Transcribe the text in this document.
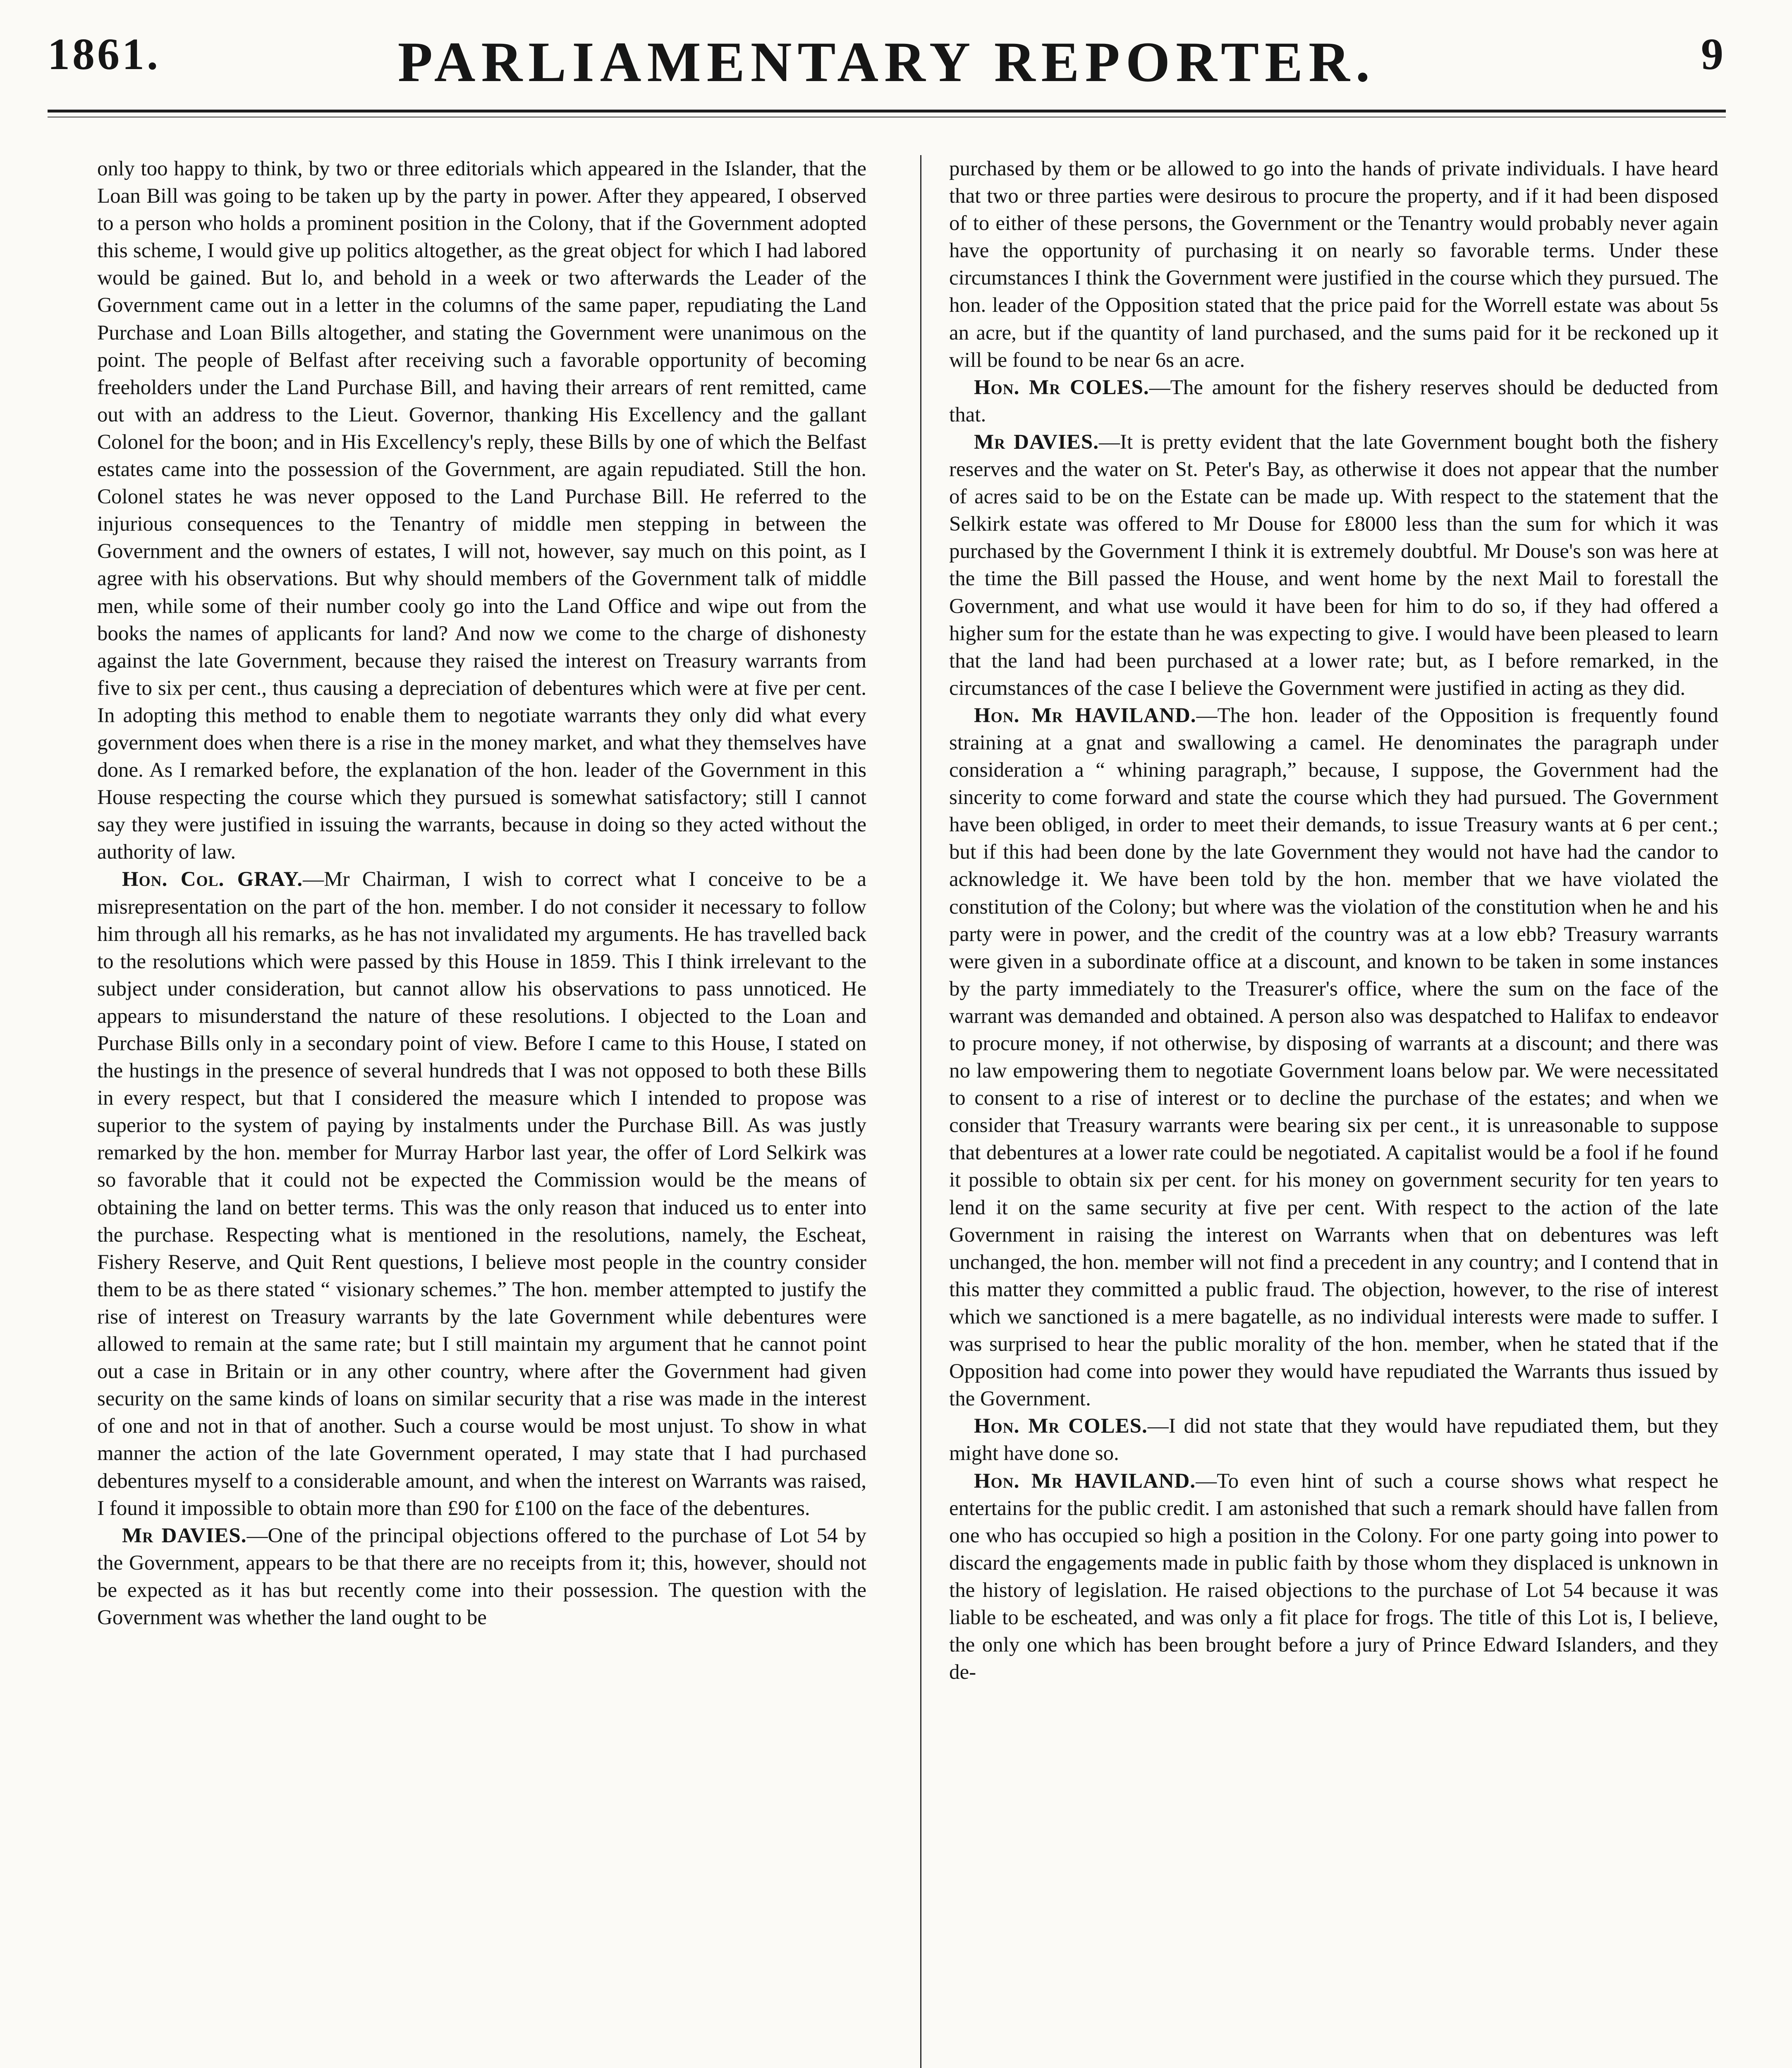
1861.	PARLIAMENTARY REPORTER.	9

only too happy to think, by two or three editorials which appeared in the Islander, that the Loan Bill was going to be taken up by the party in power. After they appeared, I observed to a person who holds a prominent position in the Colony, that if the Government adopted this scheme, I would give up politics altogether, as the great object for which I had labored would be gained. But lo, and behold in a week or two afterwards the Leader of the Government came out in a letter in the columns of the same paper, repudiating the Land Purchase and Loan Bills altogether, and stating the Government were unanimous on the point. The people of Belfast after receiving such a favorable opportunity of becoming freeholders under the Land Purchase Bill, and having their arrears of rent remitted, came out with an address to the Lieut. Governor, thanking His Excellency and the gallant Colonel for the boon; and in His Excellency's reply, these Bills by one of which the Belfast estates came into the possession of the Government, are again repudiated. Still the hon. Colonel states he was never opposed to the Land Purchase Bill. He referred to the injurious consequences to the Tenantry of middle men stepping in between the Government and the owners of estates, I will not, however, say much on this point, as I agree with his observations. But why should members of the Government talk of middle men, while some of their number cooly go into the Land Office and wipe out from the books the names of applicants for land? And now we come to the charge of dishonesty against the late Government, because they raised the interest on Treasury warrants from five to six per cent., thus causing a depreciation of debentures which were at five per cent. In adopting this method to enable them to negotiate warrants they only did what every government does when there is a rise in the money market, and what they themselves have done. As I remarked before, the explanation of the hon. leader of the Government in this House respecting the course which they pursued is somewhat satisfactory; still I cannot say they were justified in issuing the warrants, because in doing so they acted without the authority of law.

Hon. Col. GRAY.—Mr Chairman, I wish to correct what I conceive to be a misrepresentation on the part of the hon. member. I do not consider it necessary to follow him through all his remarks, as he has not invalidated my arguments. He has travelled back to the resolutions which were passed by this House in 1859. This I think irrelevant to the subject under consideration, but cannot allow his observations to pass unnoticed. He appears to misunderstand the nature of these resolutions. I objected to the Loan and Purchase Bills only in a secondary point of view. Before I came to this House, I stated on the hustings in the presence of several hundreds that I was not opposed to both these Bills in every respect, but that I considered the measure which I intended to propose was superior to the system of paying by instalments under the Purchase Bill. As was justly remarked by the hon. member for Murray Harbor last year, the offer of Lord Selkirk was so favorable that it could not be expected the Commission would be the means of obtaining the land on better terms. This was the only reason that induced us to enter into the purchase. Respecting what is mentioned in the resolutions, namely, the Escheat, Fishery Reserve, and Quit Rent questions, I believe most people in the country consider them to be as there stated “ visionary schemes.” The hon. member attempted to justify the rise of interest on Treasury warrants by the late Government while debentures were allowed to remain at the same rate; but I still maintain my argument that he cannot point out a case in Britain or in any other country, where after the Government had given security on the same kinds of loans on similar security that a rise was made in the interest of one and not in that of another. Such a course would be most unjust. To show in what manner the action of the late Government operated, I may state that I had purchased debentures myself to a considerable amount, and when the interest on Warrants was raised, I found it impossible to obtain more than £90 for £100 on the face of the debentures.

Mr DAVIES.—One of the principal objections offered to the purchase of Lot 54 by the Government, appears to be that there are no receipts from it; this, however, should not be expected as it has but recently come into their possession. The question with the Government was whether the land ought to be

purchased by them or be allowed to go into the hands of private individuals. I have heard that two or three parties were desirous to procure the property, and if it had been disposed of to either of these persons, the Government or the Tenantry would probably never again have the opportunity of purchasing it on nearly so favorable terms. Under these circumstances I think the Government were justified in the course which they pursued. The hon. leader of the Opposition stated that the price paid for the Worrell estate was about 5s an acre, but if the quantity of land purchased, and the sums paid for it be reckoned up it will be found to be near 6s an acre.

Hon. Mr COLES.—The amount for the fishery reserves should be deducted from that.

Mr DAVIES.—It is pretty evident that the late Government bought both the fishery reserves and the water on St. Peter's Bay, as otherwise it does not appear that the number of acres said to be on the Estate can be made up. With respect to the statement that the Selkirk estate was offered to Mr Douse for £8000 less than the sum for which it was purchased by the Government I think it is extremely doubtful. Mr Douse's son was here at the time the Bill passed the House, and went home by the next Mail to forestall the Government, and what use would it have been for him to do so, if they had offered a higher sum for the estate than he was expecting to give. I would have been pleased to learn that the land had been purchased at a lower rate; but, as I before remarked, in the circumstances of the case I believe the Government were justified in acting as they did.

Hon. Mr HAVILAND.—The hon. leader of the Opposition is frequently found straining at a gnat and swallowing a camel. He denominates the paragraph under consideration a “ whining paragraph,” because, I suppose, the Government had the sincerity to come forward and state the course which they had pursued. The Government have been obliged, in order to meet their demands, to issue Treasury wants at 6 per cent.; but if this had been done by the late Government they would not have had the candor to acknowledge it. We have been told by the hon. member that we have violated the constitution of the Colony; but where was the violation of the constitution when he and his party were in power, and the credit of the country was at a low ebb? Treasury warrants were given in a subordinate office at a discount, and known to be taken in some instances by the party immediately to the Treasurer's office, where the sum on the face of the warrant was demanded and obtained. A person also was despatched to Halifax to endeavor to procure money, if not otherwise, by disposing of warrants at a discount; and there was no law empowering them to negotiate Government loans below par. We were necessitated to consent to a rise of interest or to decline the purchase of the estates; and when we consider that Treasury warrants were bearing six per cent., it is unreasonable to suppose that debentures at a lower rate could be negotiated. A capitalist would be a fool if he found it possible to obtain six per cent. for his money on government security for ten years to lend it on the same security at five per cent. With respect to the action of the late Government in raising the interest on Warrants when that on debentures was left unchanged, the hon. member will not find a precedent in any country; and I contend that in this matter they committed a public fraud. The objection, however, to the rise of interest which we sanctioned is a mere bagatelle, as no individual interests were made to suffer. I was surprised to hear the public morality of the hon. member, when he stated that if the Opposition had come into power they would have repudiated the Warrants thus issued by the Government.

Hon. Mr COLES.—I did not state that they would have repudiated them, but they might have done so.

Hon. Mr HAVILAND.—To even hint of such a course shows what respect he entertains for the public credit. I am astonished that such a remark should have fallen from one who has occupied so high a position in the Colony. For one party going into power to discard the engagements made in public faith by those whom they displaced is unknown in the history of legislation. He raised objections to the purchase of Lot 54 because it was liable to be escheated, and was only a fit place for frogs. The title of this Lot is, I believe, the only one which has been brought before a jury of Prince Edward Islanders, and they de-
